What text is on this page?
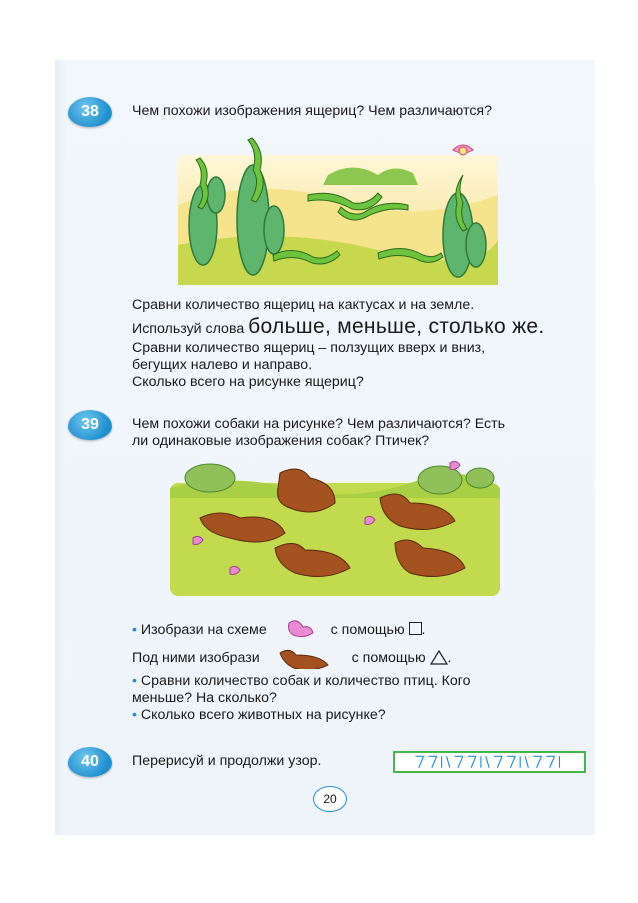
38	Чем похожи изображения ящериц? Чем различаются?
Сравни количество ящериц на кактусах и на земле.
Используй слова больше, меньше, столько же.
Сравни количество ящериц – ползущих вверх и вниз,
бегущих налево и направо.
Сколько всего на рисунке ящериц?
39	Чем похожи собаки на рисунке? Чем различаются? Есть
ли одинаковые изображения собак? Птичек?
• Изобрази на схеме	с помощью .
Под ними изобрази	с помощью .
• Сравни количество собак и количество птиц. Кого
меньше? На сколько?
• Сколько всего животных на рисунке?
40	Перерисуй и продолжи узор.
20
